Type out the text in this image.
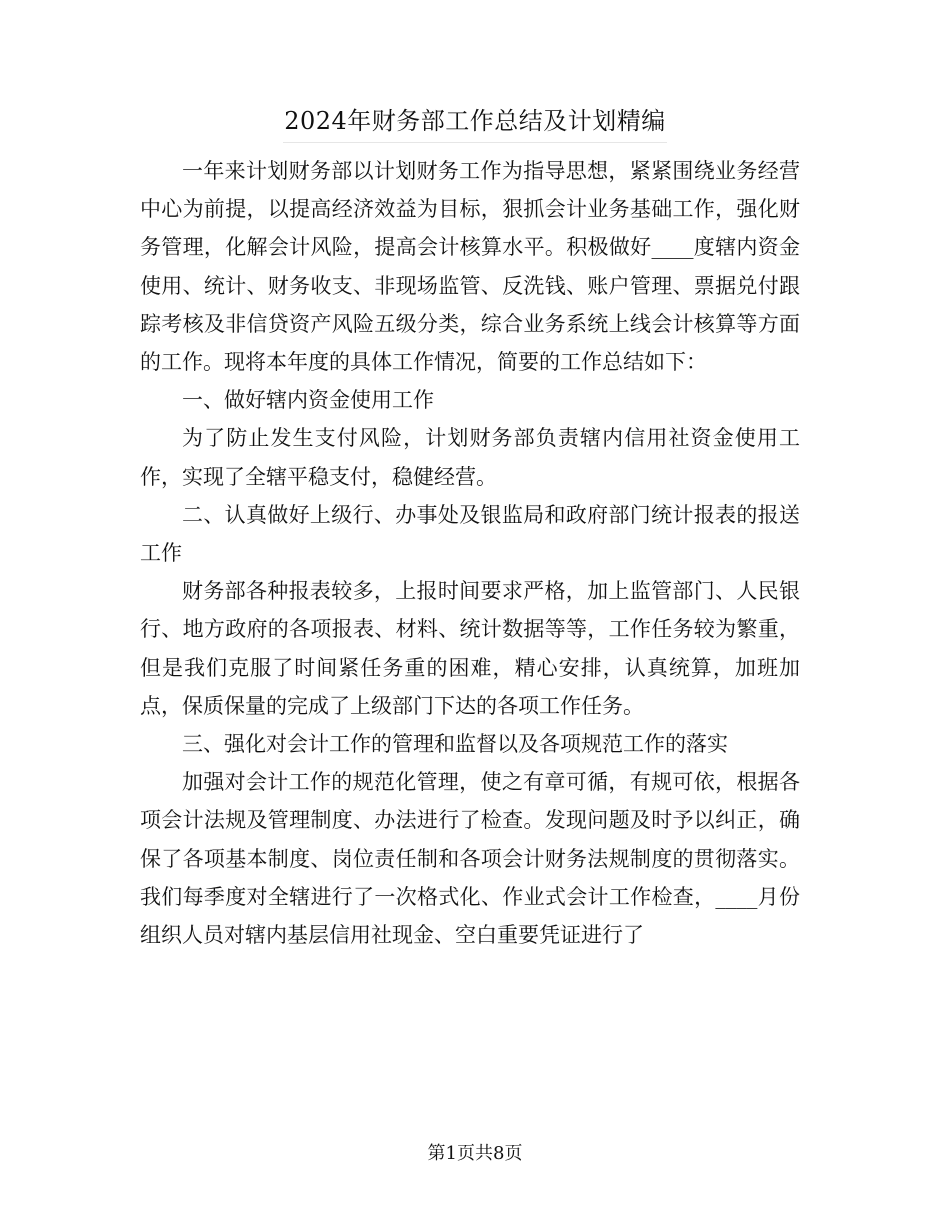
2024年财务部工作总结及计划精编

一年来计划财务部以计划财务工作为指导思想，紧紧围绕业务经营中心为前提，以提高经济效益为目标，狠抓会计业务基础工作，强化财务管理，化解会计风险，提高会计核算水平。积极做好____度辖内资金使用、统计、财务收支、非现场监管、反洗钱、账户管理、票据兑付跟踪考核及非信贷资产风险五级分类，综合业务系统上线会计核算等方面的工作。现将本年度的具体工作情况，简要的工作总结如下：

一、做好辖内资金使用工作

为了防止发生支付风险，计划财务部负责辖内信用社资金使用工作，实现了全辖平稳支付，稳健经营。

二、认真做好上级行、办事处及银监局和政府部门统计报表的报送工作

财务部各种报表较多，上报时间要求严格，加上监管部门、人民银行、地方政府的各项报表、材料、统计数据等等，工作任务较为繁重，但是我们克服了时间紧任务重的困难，精心安排，认真统算，加班加点，保质保量的完成了上级部门下达的各项工作任务。

三、强化对会计工作的管理和监督以及各项规范工作的落实

加强对会计工作的规范化管理，使之有章可循，有规可依，根据各项会计法规及管理制度、办法进行了检查。发现问题及时予以纠正，确保了各项基本制度、岗位责任制和各项会计财务法规制度的贯彻落实。我们每季度对全辖进行了一次格式化、作业式会计工作检查，____月份组织人员对辖内基层信用社现金、空白重要凭证进行了

第1页共8页
